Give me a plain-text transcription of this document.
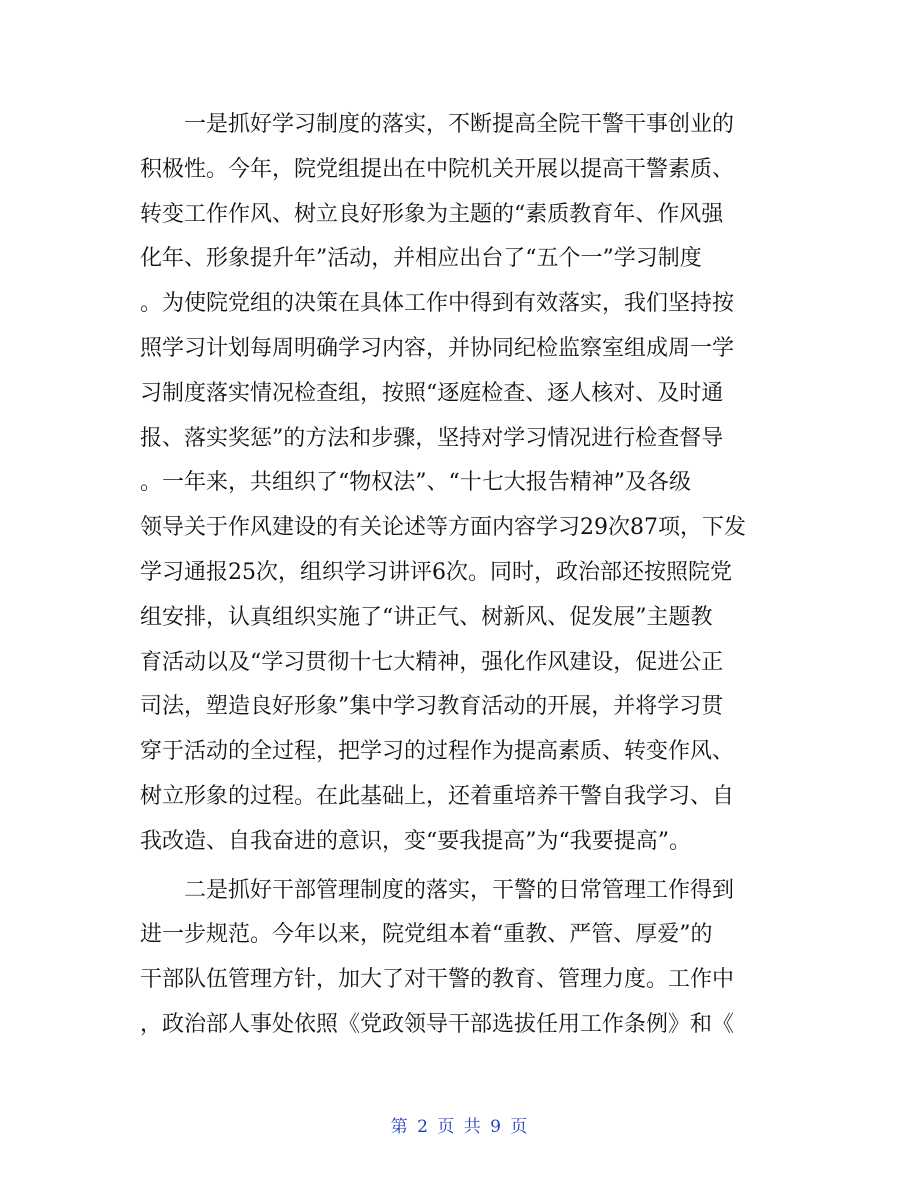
　　一是抓好学习制度的落实，不断提高全院干警干事创业的
积极性。今年，院党组提出在中院机关开展以提高干警素质、
转变工作作风、树立良好形象为主题的“素质教育年、作风强
化年、形象提升年”活动，并相应出台了“五个一”学习制度
。为使院党组的决策在具体工作中得到有效落实，我们坚持按
照学习计划每周明确学习内容，并协同纪检监察室组成周一学
习制度落实情况检查组，按照“逐庭检查、逐人核对、及时通
报、落实奖惩”的方法和步骤，坚持对学习情况进行检查督导
。一年来，共组织了“物权法”、“十七大报告精神”及各级
领导关于作风建设的有关论述等方面内容学习29次87项，下发
学习通报25次，组织学习讲评6次。同时，政治部还按照院党
组安排，认真组织实施了“讲正气、树新风、促发展”主题教
育活动以及“学习贯彻十七大精神，强化作风建设，促进公正
司法，塑造良好形象”集中学习教育活动的开展，并将学习贯
穿于活动的全过程，把学习的过程作为提高素质、转变作风、
树立形象的过程。在此基础上，还着重培养干警自我学习、自
我改造、自我奋进的意识，变“要我提高”为“我要提高”。
　　二是抓好干部管理制度的落实，干警的日常管理工作得到
进一步规范。今年以来，院党组本着“重教、严管、厚爱”的
干部队伍管理方针，加大了对干警的教育、管理力度。工作中
，政治部人事处依照《党政领导干部选拔任用工作条例》和《
第 2 页 共 9 页
